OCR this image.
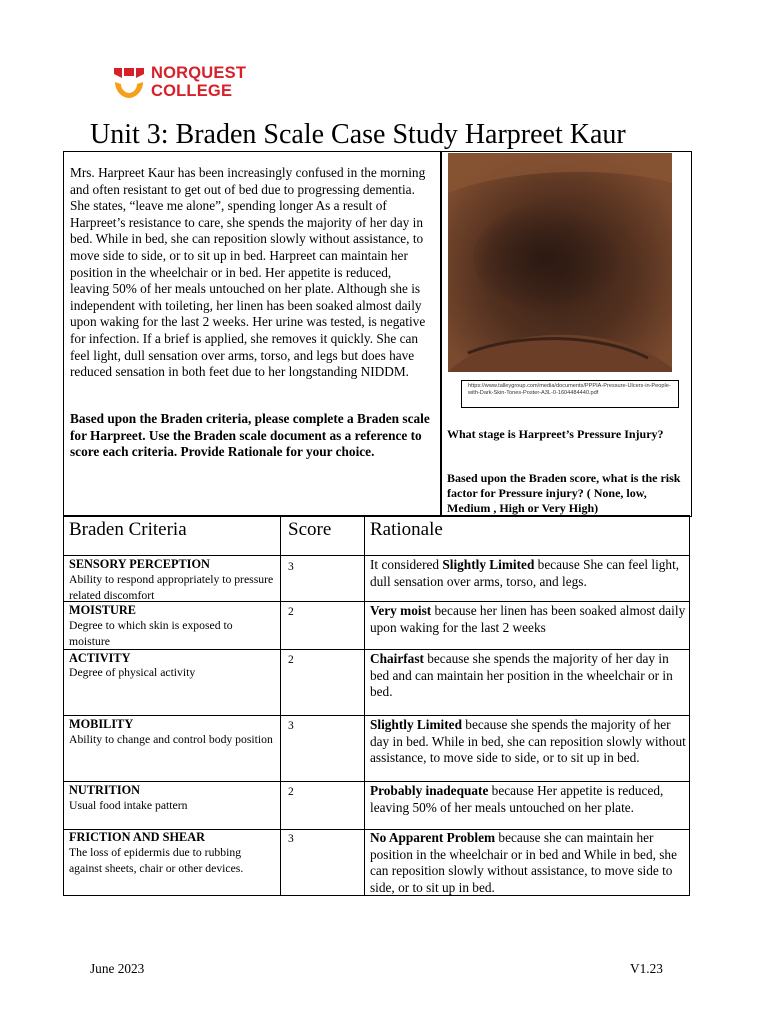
NORQUEST
COLLEGE
Unit 3: Braden Scale Case Study Harpreet Kaur
Mrs. Harpreet Kaur has been increasingly confused in the morning and often resistant to get out of bed due to progressing dementia. She states, “leave me alone”, spending longer As a result of Harpreet’s resistance to care, she spends the majority of her day in bed. While in bed, she can reposition slowly without assistance, to move side to side, or to sit up in bed. Harpreet can maintain her position in the wheelchair or in bed. Her appetite is reduced, leaving 50% of her meals untouched on her plate. Although she is independent with toileting, her linen has been soaked almost daily upon waking for the last 2 weeks. Her urine was tested, is negative for infection. If a brief is applied, she removes it quickly. She can feel light, dull sensation over arms, torso, and legs but does have reduced sensation in both feet due to her longstanding NIDDM.
Based upon the Braden criteria, please complete a Braden scale for Harpreet. Use the Braden scale document as a reference to score each criteria. Provide Rationale for your choice.
https://www.talleygroup.com/media/documents/PPPIA-Pressure-Ulcers-in-People-with-Dark-Skin-Tones-Poster-A3L-0-1604484440.pdf
What stage is Harpreet’s Pressure Injury?
Based upon the Braden score, what is the risk factor for Pressure injury? ( None, low, Medium , High or Very High)
Braden Criteria	Score Rationale
SENSORY PERCEPTION
Ability to respond appropriately to pressure related discomfort
3	It considered Slightly Limited because She can feel light, dull sensation over arms, torso, and legs.
MOISTURE
Degree to which skin is exposed to moisture
2	Very moist because her linen has been soaked almost daily upon waking for the last 2 weeks
ACTIVITY
Degree of physical activity
2	Chairfast because she spends the majority of her day in bed and can maintain her position in the wheelchair or in bed.
MOBILITY
Ability to change and control body position
3	Slightly Limited because she spends the majority of her day in bed. While in bed, she can reposition slowly without assistance, to move side to side, or to sit up in bed.
NUTRITION
Usual food intake pattern
2	Probably inadequate because Her appetite is reduced, leaving 50% of her meals untouched on her plate.
FRICTION AND SHEAR
The loss of epidermis due to rubbing against sheets, chair or other devices.
3	No Apparent Problem because she can maintain her position in the wheelchair or in bed and While in bed, she can reposition slowly without assistance, to move side to side, or to sit up in bed.
June 2023	V1.23
